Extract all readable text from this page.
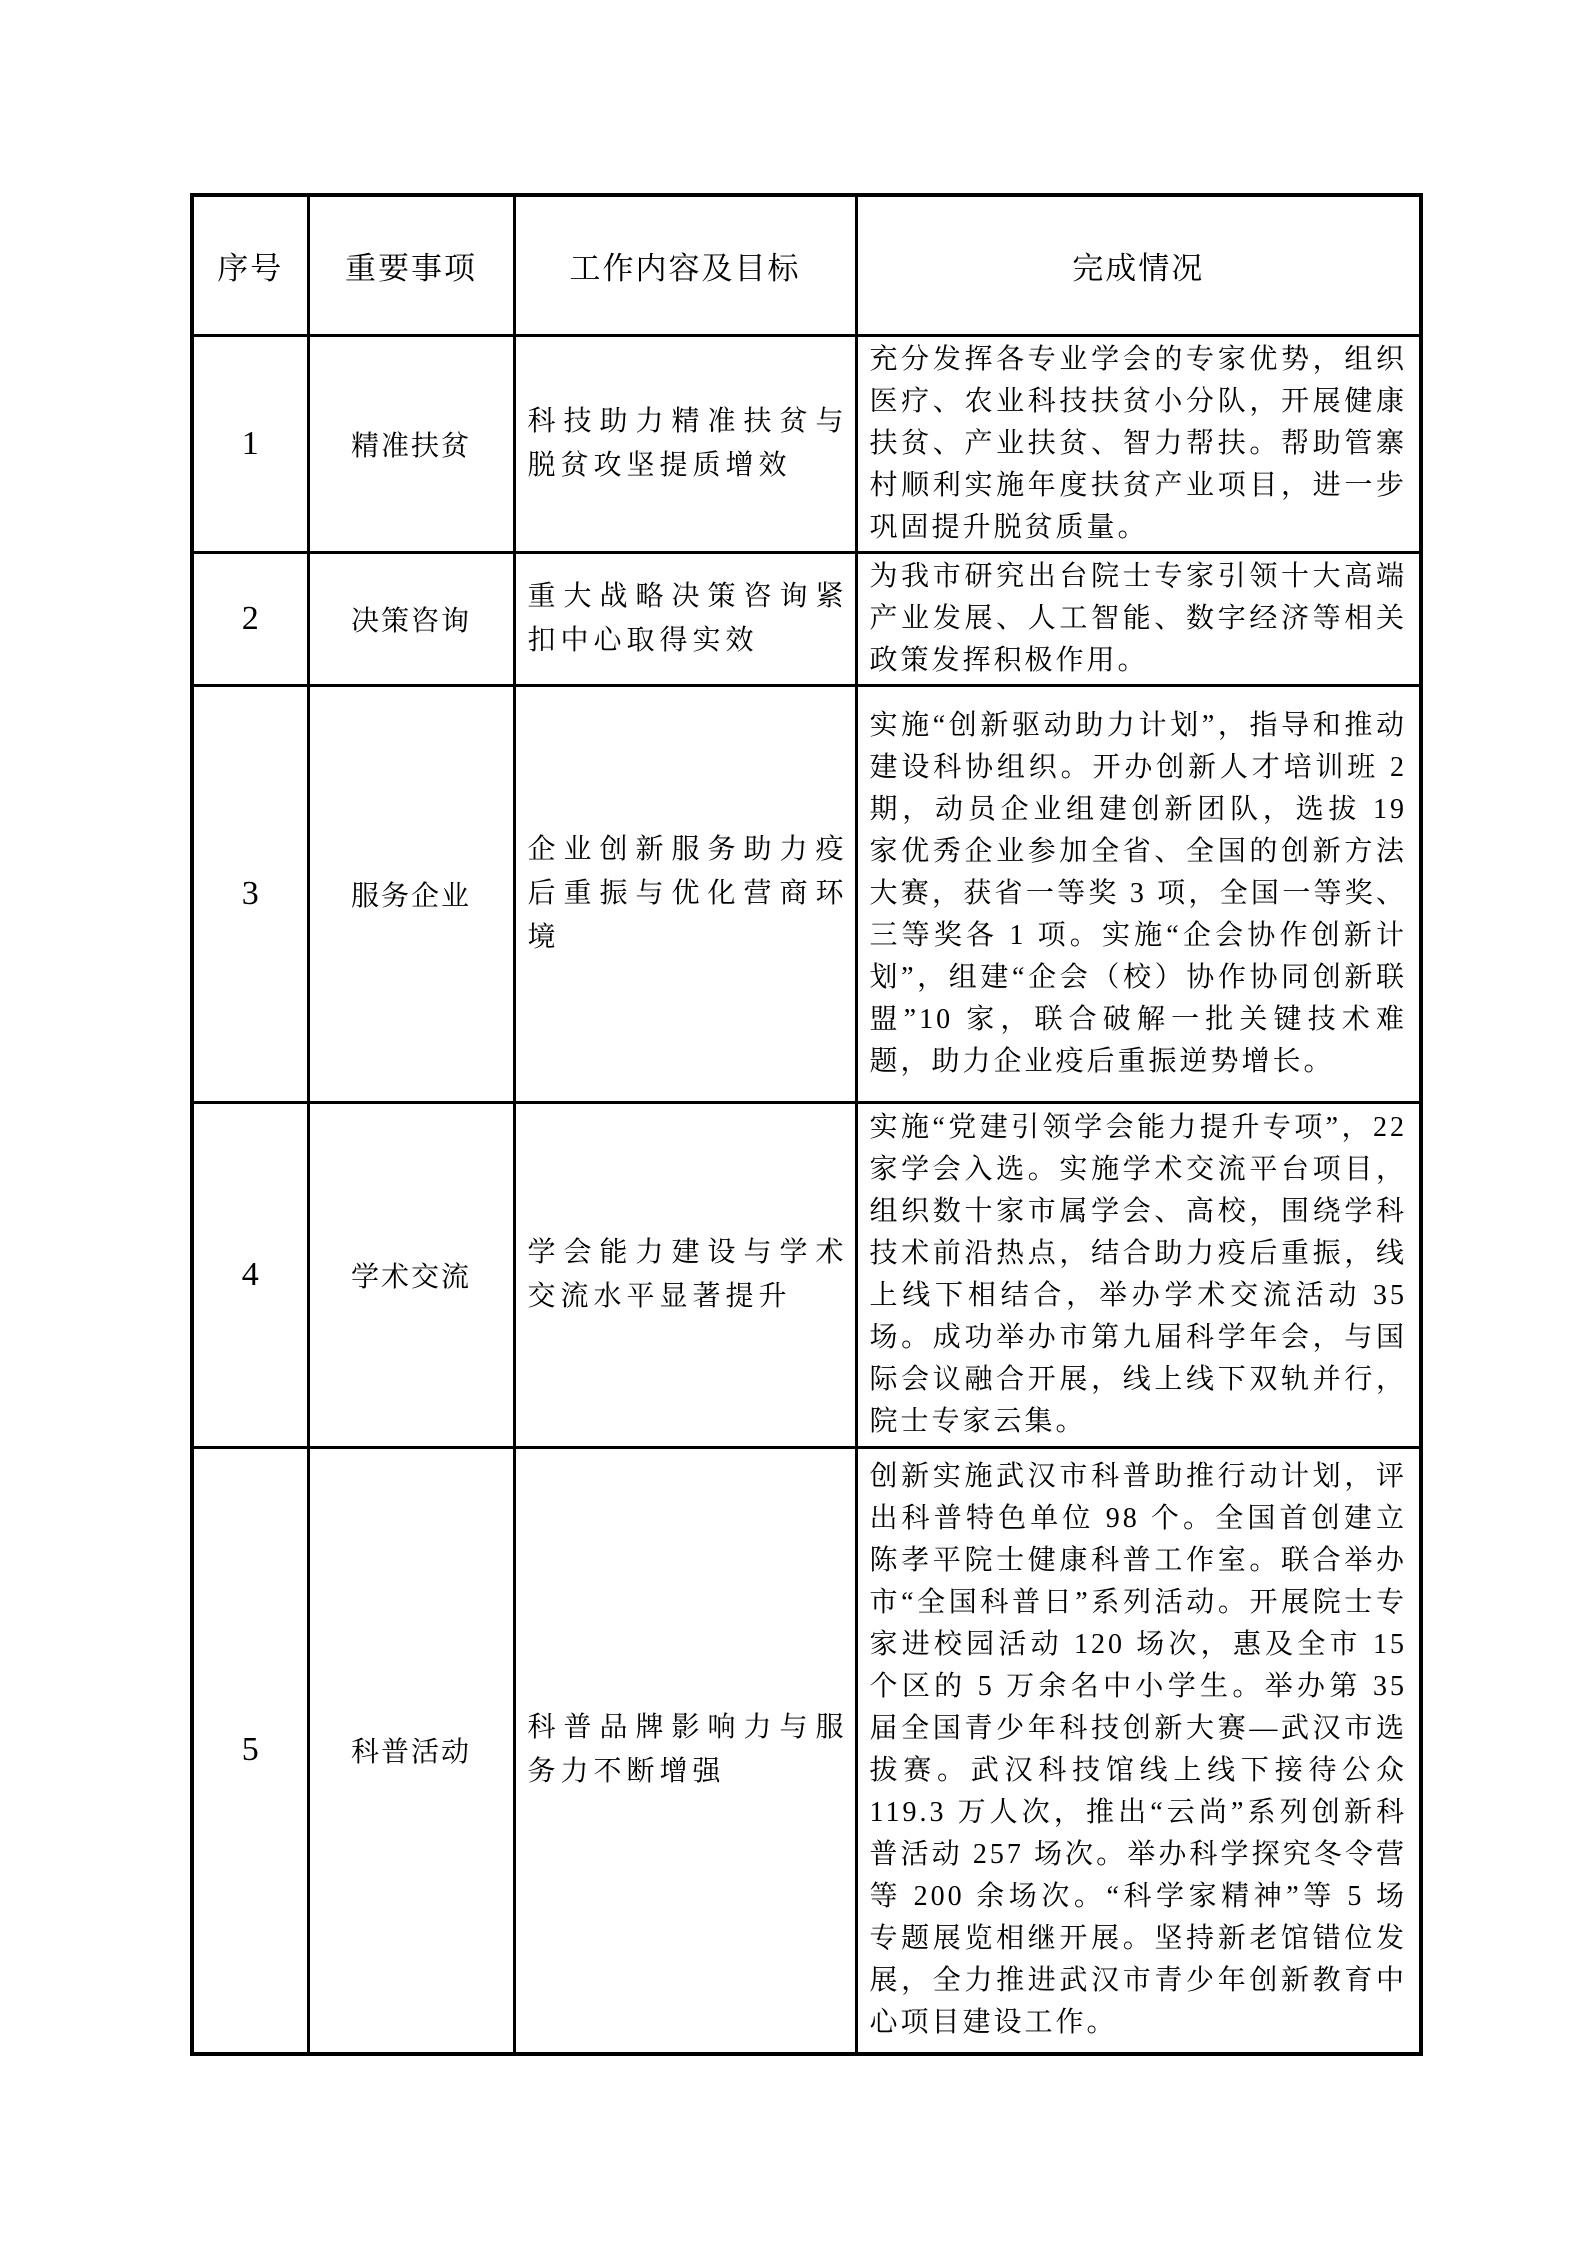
序号	重要事项	工作内容及目标	完成情况
1	精准扶贫	科技助力精准扶贫与脱贫攻坚提质增效	充分发挥各专业学会的专家优势，组织医疗、农业科技扶贫小分队，开展健康扶贫、产业扶贫、智力帮扶。帮助管寨村顺利实施年度扶贫产业项目，进一步巩固提升脱贫质量。
2	决策咨询	重大战略决策咨询紧扣中心取得实效	为我市研究出台院士专家引领十大高端产业发展、人工智能、数字经济等相关政策发挥积极作用。
3	服务企业	企业创新服务助力疫后重振与优化营商环境	实施“创新驱动助力计划”，指导和推动建设科协组织。开办创新人才培训班 2 期，动员企业组建创新团队，选拔 19 家优秀企业参加全省、全国的创新方法大赛，获省一等奖 3 项，全国一等奖、三等奖各 1 项。实施“企会协作创新计划”，组建“企会（校）协作协同创新联盟”10 家，联合破解一批关键技术难题，助力企业疫后重振逆势增长。
4	学术交流	学会能力建设与学术交流水平显著提升	实施“党建引领学会能力提升专项”，22 家学会入选。实施学术交流平台项目，组织数十家市属学会、高校，围绕学科技术前沿热点，结合助力疫后重振，线上线下相结合，举办学术交流活动 35 场。成功举办市第九届科学年会，与国际会议融合开展，线上线下双轨并行，院士专家云集。
5	科普活动	科普品牌影响力与服务力不断增强	创新实施武汉市科普助推行动计划，评出科普特色单位 98 个。全国首创建立陈孝平院士健康科普工作室。联合举办市“全国科普日”系列活动。开展院士专家进校园活动 120 场次，惠及全市 15 个区的 5 万余名中小学生。举办第 35 届全国青少年科技创新大赛—武汉市选拔赛。武汉科技馆线上线下接待公众 119.3 万人次，推出“云尚”系列创新科普活动 257 场次。举办科学探究冬令营等 200 余场次。“科学家精神”等 5 场专题展览相继开展。坚持新老馆错位发展，全力推进武汉市青少年创新教育中心项目建设工作。
